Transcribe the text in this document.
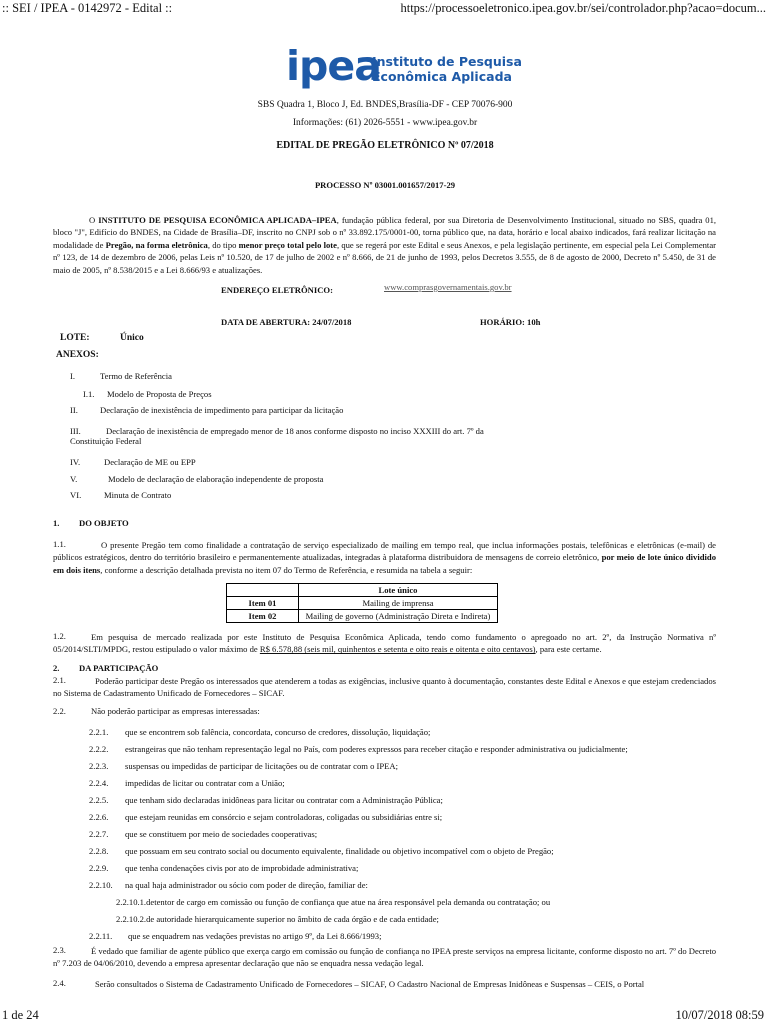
:: SEI / IPEA - 0142972 - Edital ::	https://processoeletronico.ipea.gov.br/sei/controlador.php?acao=docum...
ipea
Instituto de Pesquisa
Econômica Aplicada
SBS Quadra 1, Bloco J, Ed. BNDES,Brasília-DF - CEP 70076-900
Informações: (61) 2026-5551 - www.ipea.gov.br
EDITAL DE PREGÃO ELETRÔNICO Nº 07/2018
PROCESSO Nº 03001.001657/2017-29
O INSTITUTO DE PESQUISA ECONÔMICA APLICADA–IPEA, fundação pública federal, por sua Diretoria de Desenvolvimento Institucional, situado no SBS, quadra 01, bloco "J", Edifício do BNDES, na Cidade de Brasília–DF, inscrito no CNPJ sob o nº 33.892.175/0001-00, torna público que, na data, horário e local abaixo indicados, fará realizar licitação na modalidade de Pregão, na forma eletrônica, do tipo menor preço total pelo lote, que se regerá por este Edital e seus Anexos, e pela legislação pertinente, em especial pela Lei Complementar nº 123, de 14 de dezembro de 2006, pelas Leis nº 10.520, de 17 de julho de 2002 e nº 8.666, de 21 de junho de 1993, pelos Decretos 3.555, de 8 de agosto de 2000, Decreto nº 5.450, de 31 de maio de 2005, nº 8.538/2015 e a Lei 8.666/93 e atualizações.
ENDEREÇO ELETRÔNICO:	www.comprasgovernamentais.gov.br
DATA DE ABERTURA: 24/07/2018	HORÁRIO: 10h
LOTE:	Único
ANEXOS:
I.	Termo de Referência
I.1. Modelo de Proposta de Preços
II.	Declaração de inexistência de impedimento para participar da licitação
III.	Declaração de inexistência de empregado menor de 18 anos conforme disposto no inciso XXXIII do art. 7º da
Constituição Federal
IV.	Declaração de ME ou EPP
V.	Modelo de declaração de elaboração independente de proposta
VI.	Minuta de Contrato
1. DO OBJETO
1.1.	O presente Pregão tem como finalidade a contratação de serviço especializado de mailing em tempo real, que inclua informações postais, telefônicas e eletrônicas (e-mail) de públicos estratégicos, dentro do território brasileiro e permanentemente atualizadas, integradas à plataforma distribuidora de mensagens de correio eletrônico, por meio de lote único dividido em dois itens, conforme a descrição detalhada prevista no item 07 do Termo de Referência, e resumida na tabela a seguir:
	Lote único
Item 01	Mailing de imprensa
Item 02	Mailing de governo (Administração Direta e Indireta)
1.2.	Em pesquisa de mercado realizada por este Instituto de Pesquisa Econômica Aplicada, tendo como fundamento o apregoado no art. 2º, da Instrução Normativa nº 05/2014/SLTI/MPDG, restou estipulado o valor máximo de R$ 6.578,88 (seis mil, quinhentos e setenta e oito reais e oitenta e oito centavos), para este certame.
2. DA PARTICIPAÇÃO
2.1.	Poderão participar deste Pregão os interessados que atenderem a todas as exigências, inclusive quanto à documentação, constantes deste Edital e Anexos e que estejam credenciados no Sistema de Cadastramento Unificado de Fornecedores – SICAF.
2.2.	Não poderão participar as empresas interessadas:
2.2.1. que se encontrem sob falência, concordata, concurso de credores, dissolução, liquidação;
2.2.2. estrangeiras que não tenham representação legal no País, com poderes expressos para receber citação e responder administrativa ou judicialmente;
2.2.3. suspensas ou impedidas de participar de licitações ou de contratar com o IPEA;
2.2.4. impedidas de licitar ou contratar com a União;
2.2.5. que tenham sido declaradas inidôneas para licitar ou contratar com a Administração Pública;
2.2.6. que estejam reunidas em consórcio e sejam controladoras, coligadas ou subsidiárias entre si;
2.2.7. que se constituem por meio de sociedades cooperativas;
2.2.8. que possuam em seu contrato social ou documento equivalente, finalidade ou objetivo incompatível com o objeto de Pregão;
2.2.9. que tenha condenações civis por ato de improbidade administrativa;
2.2.10. na qual haja administrador ou sócio com poder de direção, familiar de:
2.2.10.1.detentor de cargo em comissão ou função de confiança que atue na área responsável pela demanda ou contratação; ou
2.2.10.2.de autoridade hierarquicamente superior no âmbito de cada órgão e de cada entidade;
2.2.11. que se enquadrem nas vedações previstas no artigo 9º, da Lei 8.666/1993;
2.3.	É vedado que familiar de agente público que exerça cargo em comissão ou função de confiança no IPEA preste serviços na empresa licitante, conforme disposto no art. 7º do Decreto nº 7.203 de 04/06/2010, devendo a empresa apresentar declaração que não se enquadra nessa vedação legal.
2.4.	Serão consultados o Sistema de Cadastramento Unificado de Fornecedores – SICAF, O Cadastro Nacional de Empresas Inidôneas e Suspensas – CEIS, o Portal
1 de 24	10/07/2018 08:59
